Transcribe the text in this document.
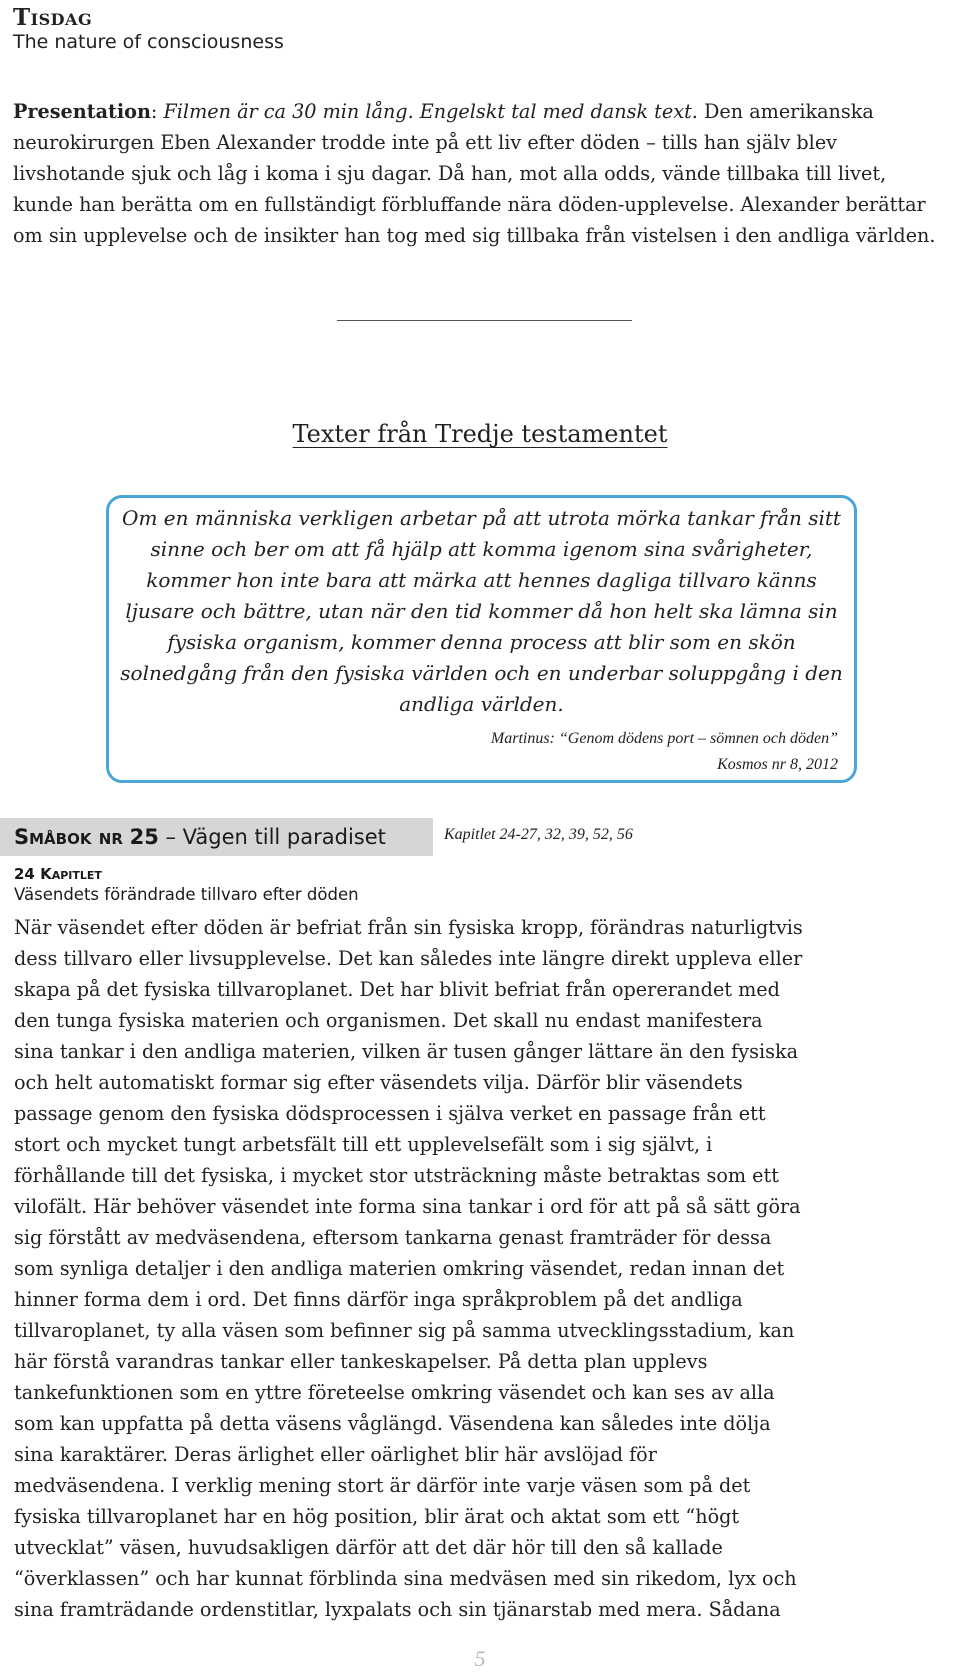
Tisdag
The nature of consciousness
Presentation: Filmen är ca 30 min lång. Engelskt tal med dansk text. Den amerikanska neurokirurgen Eben Alexander trodde inte på ett liv efter döden – tills han själv blev livshotande sjuk och låg i koma i sju dagar. Då han, mot alla odds, vände tillbaka till livet, kunde han berätta om en fullständigt förbluffande nära döden-upplevelse. Alexander berättar om sin upplevelse och de insikter han tog med sig tillbaka från vistelsen i den andliga världen.
Texter från Tredje testamentet
Om en människa verkligen arbetar på att utrota mörka tankar från sitt sinne och ber om att få hjälp att komma igenom sina svårigheter, kommer hon inte bara att märka att hennes dagliga tillvaro känns ljusare och bättre, utan när den tid kommer då hon helt ska lämna sin fysiska organism, kommer denna process att blir som en skön solnedgång från den fysiska världen och en underbar soluppgång i den andliga världen.
Martinus: “Genom dödens port – sömnen och döden”
Kosmos nr 8, 2012
Småbok nr 25 – Vägen till paradiset	Kapitlet 24-27, 32, 39, 52, 56
24 Kapitlet
Väsendets förändrade tillvaro efter döden
När väsendet efter döden är befriat från sin fysiska kropp, förändras naturligtvis
dess tillvaro eller livsupplevelse. Det kan således inte längre direkt uppleva eller
skapa på det fysiska tillvaroplanet. Det har blivit befriat från opererandet med
den tunga fysiska materien och organismen. Det skall nu endast manifestera
sina tankar i den andliga materien, vilken är tusen gånger lättare än den fysiska
och helt automatiskt formar sig efter väsendets vilja. Därför blir väsendets
passage genom den fysiska dödsprocessen i själva verket en passage från ett
stort och mycket tungt arbetsfält till ett upplevelsefält som i sig självt, i
förhållande till det fysiska, i mycket stor utsträckning måste betraktas som ett
vilofält. Här behöver väsendet inte forma sina tankar i ord för att på så sätt göra
sig förstått av medväsendena, eftersom tankarna genast framträder för dessa
som synliga detaljer i den andliga materien omkring väsendet, redan innan det
hinner forma dem i ord. Det finns därför inga språkproblem på det andliga
tillvaroplanet, ty alla väsen som befinner sig på samma utvecklingsstadium, kan
här förstå varandras tankar eller tankeskapelser. På detta plan upplevs
tankefunktionen som en yttre företeelse omkring väsendet och kan ses av alla
som kan uppfatta på detta väsens våglängd. Väsendena kan således inte dölja
sina karaktärer. Deras ärlighet eller oärlighet blir här avslöjad för
medväsendena. I verklig mening stort är därför inte varje väsen som på det
fysiska tillvaroplanet har en hög position, blir ärat och aktat som ett “högt
utvecklat” väsen, huvudsakligen därför att det där hör till den så kallade
“överklassen” och har kunnat förblinda sina medväsen med sin rikedom, lyx och
sina framträdande ordenstitlar, lyxpalats och sin tjänarstab med mera. Sådana
5
